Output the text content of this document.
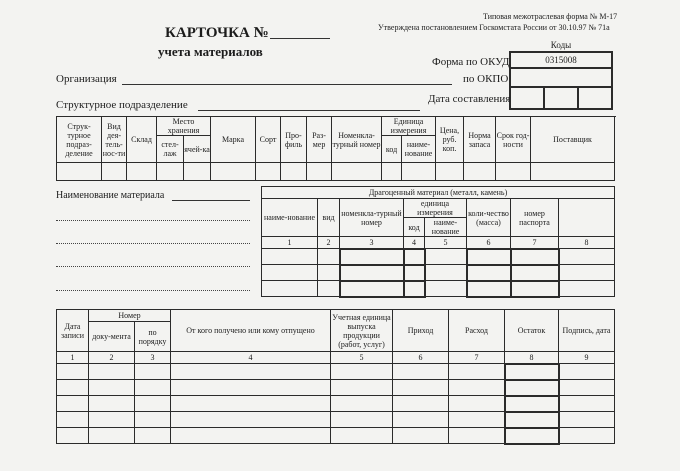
Типовая межотраслевая форма № М-17
Утверждена постановлением Госкомстата России от 30.10.97 № 71а
КАРТОЧКА №
учета материалов	Коды
0315008

Форма по ОКУД
по ОКПО
Дата составления
Организация
Структурное подразделение
Струк-турное подраз-деление	Вид дея-тель-нос-ти	Склад	Место хранения		Марка	Сорт	Про-филь	Раз-мер	Номенкла-турный номер	Единица измерения		Цена, руб. коп.	Норма запаса	Срок год-ности	Поставщик
			стел-лаж	ячей-ка						код	наиме-нование				

Наименование материала	Драгоценный материал (металл, камень)							
наиме-нование	вид	номенкла-турный номер	единица измерения		коли-чество (масса)	номер паспорта	
			код	наиме-нование			
1	2	3	4	5	6	7	8

Дата записи	Номер		От кого получено или кому отпущено	Учетная единица выпуска продукции (работ, услуг)	Приход	Расход	Остаток	Подпись, дата
	доку-мента	по порядку						
1	2	3	4	5	6	7	8	9
